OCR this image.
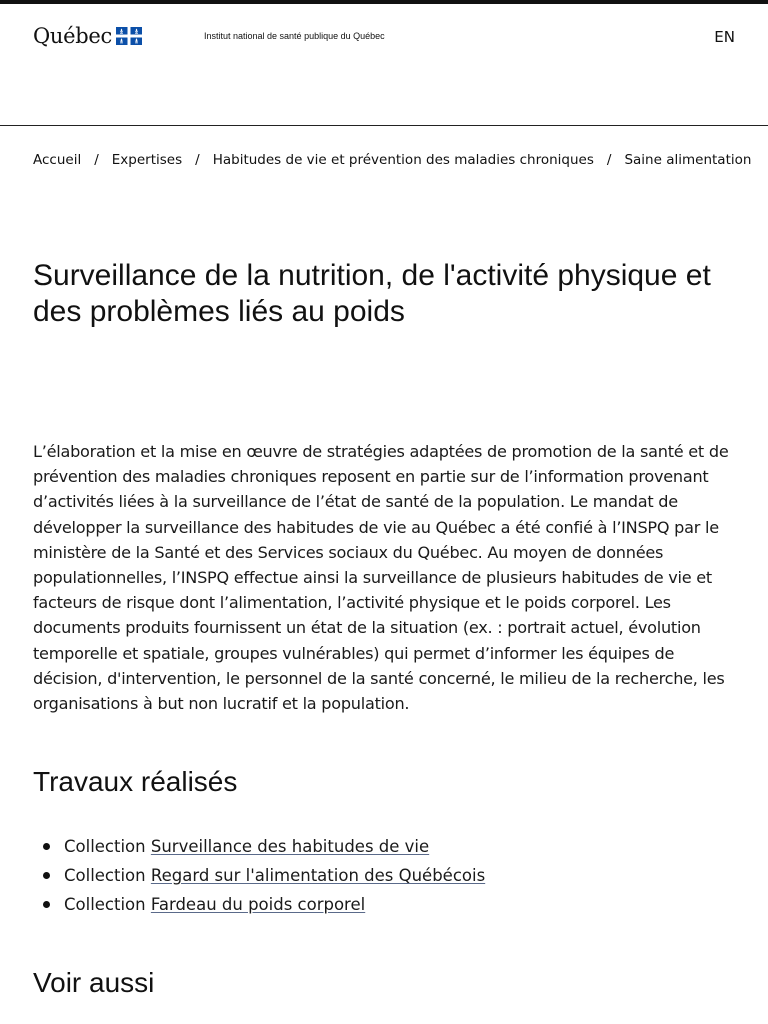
Québec	Institut national de santé publique du Québec	EN
Accueil / Expertises / Habitudes de vie et prévention des maladies chroniques / Saine alimentation
Surveillance de la nutrition, de l'activité physique et des problèmes liés au poids

L’élaboration et la mise en œuvre de stratégies adaptées de promotion de la santé et de prévention des maladies chroniques reposent en partie sur de l’information provenant d’activités liées à la surveillance de l’état de santé de la population. Le mandat de développer la surveillance des habitudes de vie au Québec a été confié à l’INSPQ par le ministère de la Santé et des Services sociaux du Québec. Au moyen de données populationnelles, l’INSPQ effectue ainsi la surveillance de plusieurs habitudes de vie et facteurs de risque dont l’alimentation, l’activité physique et le poids corporel. Les documents produits fournissent un état de la situation (ex. : portrait actuel, évolution temporelle et spatiale, groupes vulnérables) qui permet d’informer les équipes de décision, d'intervention, le personnel de la santé concerné, le milieu de la recherche, les organisations à but non lucratif et la population.

Travaux réalisés
Collection Surveillance des habitudes de vie
Collection Regard sur l'alimentation des Québécois
Collection Fardeau du poids corporel
Voir aussi
